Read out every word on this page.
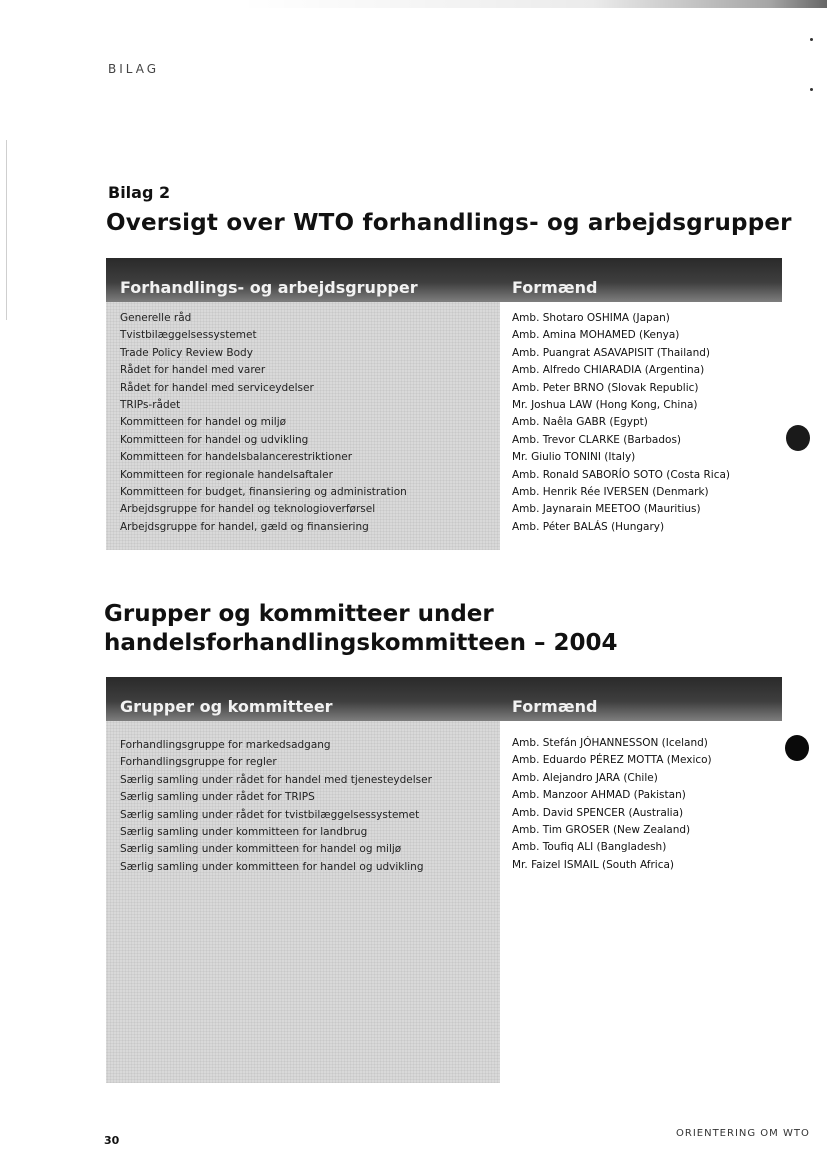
BILAG
Bilag 2
Oversigt over WTO forhandlings- og arbejdsgrupper
Forhandlings- og arbejdsgrupper	Formænd
Generelle råd
Tvistbilæggelsessystemet
Trade Policy Review Body
Rådet for handel med varer
Rådet for handel med serviceydelser
TRIPs-rådet
Kommitteen for handel og miljø
Kommitteen for handel og udvikling
Kommitteen for handelsbalancerestriktioner
Kommitteen for regionale handelsaftaler
Kommitteen for budget, finansiering og administration
Arbejdsgruppe for handel og teknologioverførsel
Arbejdsgruppe for handel, gæld og finansiering
Amb. Shotaro OSHIMA (Japan)
Amb. Amina MOHAMED (Kenya)
Amb. Puangrat ASAVAPISIT (Thailand)
Amb. Alfredo CHIARADIA (Argentina)
Amb. Peter BRNO (Slovak Republic)
Mr. Joshua LAW (Hong Kong, China)
Amb. Naêla GABR (Egypt)
Amb. Trevor CLARKE (Barbados)
Mr. Giulio TONINI (Italy)
Amb. Ronald SABORÍO SOTO (Costa Rica)
Amb. Henrik Rée IVERSEN (Denmark)
Amb. Jaynarain MEETOO (Mauritius)
Amb. Péter BALÁS (Hungary)
Grupper og kommitteer under
handelsforhandlingskommitteen – 2004
Grupper og kommitteer	Formænd
Forhandlingsgruppe for markedsadgang
Forhandlingsgruppe for regler
Særlig samling under rådet for handel med tjenesteydelser
Særlig samling under rådet for TRIPS
Særlig samling under rådet for tvistbilæggelsessystemet
Særlig samling under kommitteen for landbrug
Særlig samling under kommitteen for handel og miljø
Særlig samling under kommitteen for handel og udvikling
Amb. Stefán JÓHANNESSON (Iceland)
Amb. Eduardo PÉREZ MOTTA (Mexico)
Amb. Alejandro JARA (Chile)
Amb. Manzoor AHMAD (Pakistan)
Amb. David SPENCER (Australia)
Amb. Tim GROSER (New Zealand)
Amb. Toufiq ALI (Bangladesh)
Mr. Faizel ISMAIL (South Africa)
30
ORIENTERING OM WTO
